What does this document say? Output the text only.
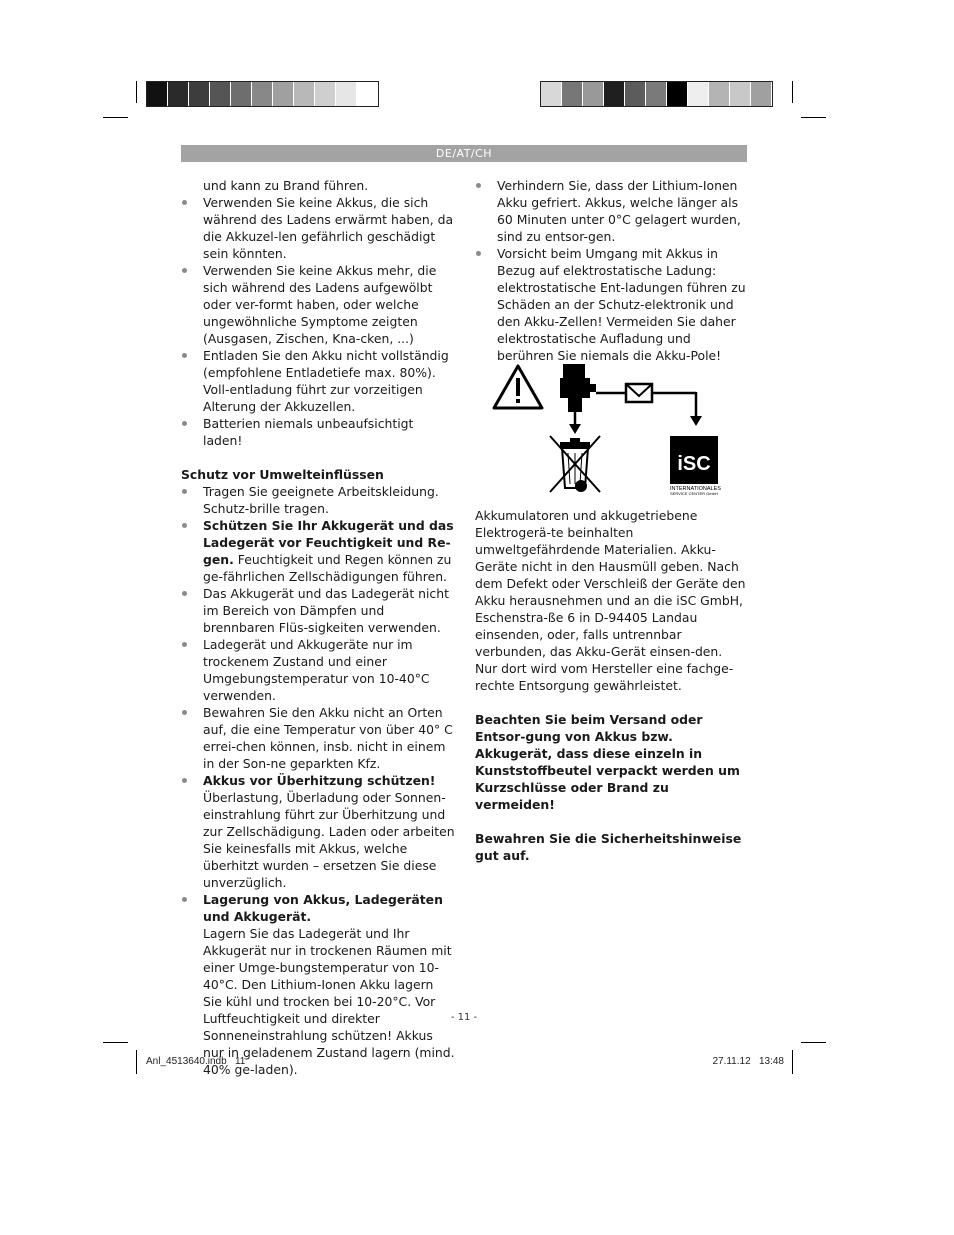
DE/AT/CH

und kann zu Brand führen.

Verwenden Sie keine Akkus, die sich während des Ladens erwärmt haben, da die Akkuzel-len gefährlich geschädigt sein könnten.
Verwenden Sie keine Akkus mehr, die sich während des Ladens aufgewölbt oder ver-formt haben, oder welche ungewöhnliche Symptome zeigten (Ausgasen, Zischen, Kna-cken, ...)
Entladen Sie den Akku nicht vollständig (empfohlene Entladetiefe max. 80%). Voll-entladung führt zur vorzeitigen Alterung der Akkuzellen.
Batterien niemals unbeaufsichtigt laden!

Schutz vor Umwelteinflüssen

Tragen Sie geeignete Arbeitskleidung. Schutz-brille tragen.
Schützen Sie Ihr Akkugerät und das Ladegerät vor Feuchtigkeit und Re-gen. Feuchtigkeit und Regen können zu ge-fährlichen Zellschädigungen führen.
Das Akkugerät und das Ladegerät nicht im Bereich von Dämpfen und brennbaren Flüs-sigkeiten verwenden.
Ladegerät und Akkugeräte nur im trockenem Zustand und einer Umgebungstemperatur von 10-40°C verwenden.
Bewahren Sie den Akku nicht an Orten auf, die eine Temperatur von über 40° C errei-chen können, insb. nicht in einem in der Son-ne geparkten Kfz.
Akkus vor Überhitzung schützen!
Überlastung, Überladung oder Sonnen-einstrahlung führt zur Überhitzung und zur Zellschädigung. Laden oder arbeiten Sie keinesfalls mit Akkus, welche überhitzt wurden – ersetzen Sie diese unverzüglich.
Lagerung von Akkus, Ladegeräten und Akkugerät.
Lagern Sie das Ladegerät und Ihr Akkugerät nur in trockenen Räumen mit einer Umge-bungstemperatur von 10-40°C. Den Lithium-Ionen Akku lagern Sie kühl und trocken bei 10-20°C. Vor Luftfeuchtigkeit und direkter Sonneneinstrahlung schützen! Akkus nur in geladenem Zustand lagern (mind. 40% ge-laden).
Verhindern Sie, dass der Lithium-Ionen Akku gefriert. Akkus, welche länger als 60 Minuten unter 0°C gelagert wurden, sind zu entsor-gen.
Vorsicht beim Umgang mit Akkus in Bezug auf elektrostatische Ladung: elektrostatische Ent-ladungen führen zu Schäden an der Schutz-elektronik und den Akku-Zellen! Vermeiden Sie daher elektrostatische Aufladung und berühren Sie niemals die Akku-Pole!
iSC
INTERNATIONALES
SERVICE CENTER GmbH

Akkumulatoren und akkugetriebene Elektrogerä-te beinhalten umweltgefährdende Materialien. Akku- Geräte nicht in den Hausmüll geben. Nach dem Defekt oder Verschleiß der Geräte den Akku herausnehmen und an die iSC GmbH, Eschenstra-ße 6 in D-94405 Landau einsenden, oder, falls untrennbar verbunden, das Akku-Gerät einsen-den. Nur dort wird vom Hersteller eine fachge-rechte Entsorgung gewährleistet.

Beachten Sie beim Versand oder Entsor-gung von Akkus bzw. Akkugerät, dass diese einzeln in Kunststoffbeutel verpackt werden um Kurzschlüsse oder Brand zu vermeiden!

Bewahren Sie die Sicherheitshinweise gut auf.

- 11 -
Anl_4513640.indb   11	27.11.12   13:48
